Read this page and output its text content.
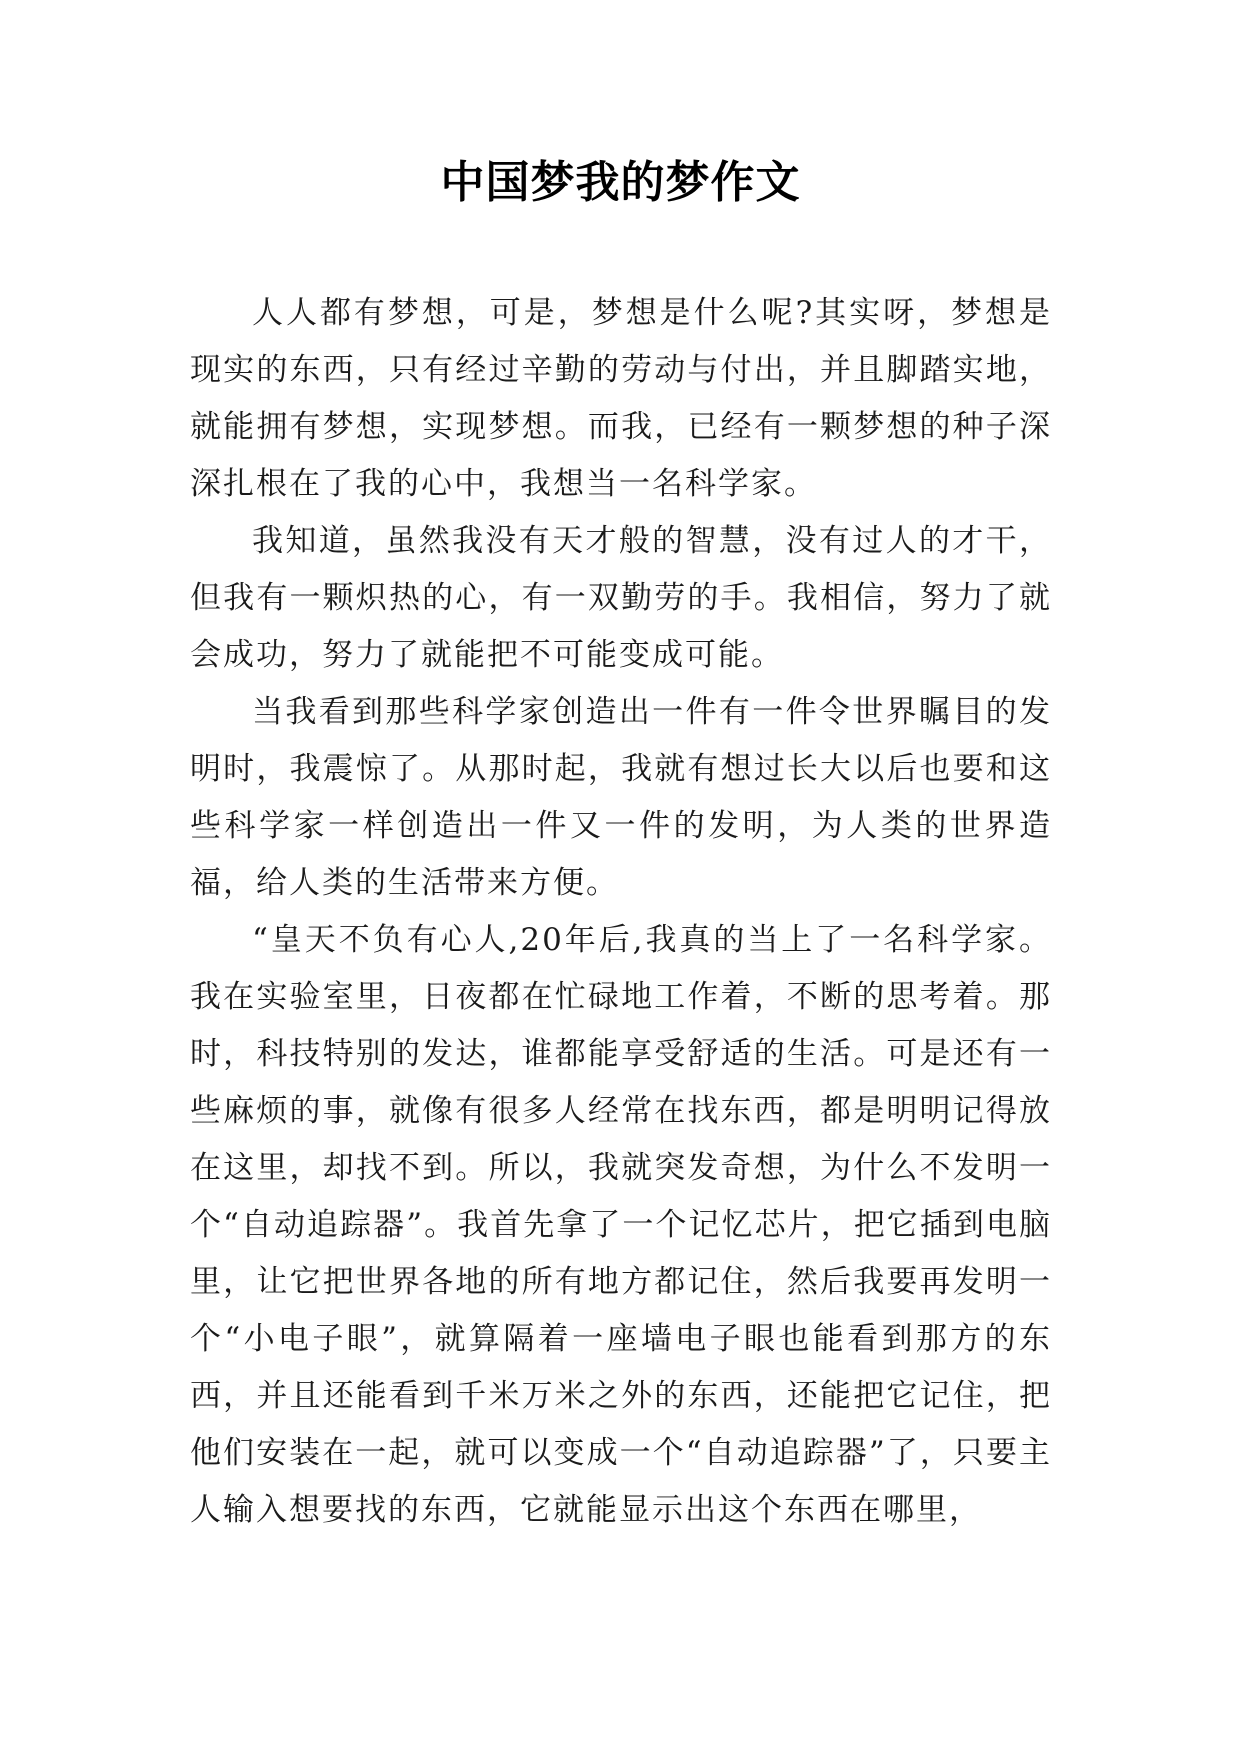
中国梦我的梦作文

人人都有梦想，可是，梦想是什么呢?其实呀，梦想是现实的东西，只有经过辛勤的劳动与付出，并且脚踏实地，就能拥有梦想，实现梦想。而我，已经有一颗梦想的种子深深扎根在了我的心中，我想当一名科学家。

我知道，虽然我没有天才般的智慧，没有过人的才干，但我有一颗炽热的心，有一双勤劳的手。我相信，努力了就会成功，努力了就能把不可能变成可能。

当我看到那些科学家创造出一件有一件令世界瞩目的发明时，我震惊了。从那时起，我就有想过长大以后也要和这些科学家一样创造出一件又一件的发明，为人类的世界造福，给人类的生活带来方便。

“皇天不负有心人,20年后,我真的当上了一名科学家。我在实验室里，日夜都在忙碌地工作着，不断的思考着。那时，科技特别的发达，谁都能享受舒适的生活。可是还有一些麻烦的事，就像有很多人经常在找东西，都是明明记得放在这里，却找不到。所以，我就突发奇想，为什么不发明一个“自动追踪器”。我首先拿了一个记忆芯片，把它插到电脑里，让它把世界各地的所有地方都记住，然后我要再发明一个“小电子眼”，就算隔着一座墙电子眼也能看到那方的东西，并且还能看到千米万米之外的东西，还能把它记住，把他们安装在一起，就可以变成一个“自动追踪器”了，只要主人输入想要找的东西，它就能显示出这个东西在哪里，
